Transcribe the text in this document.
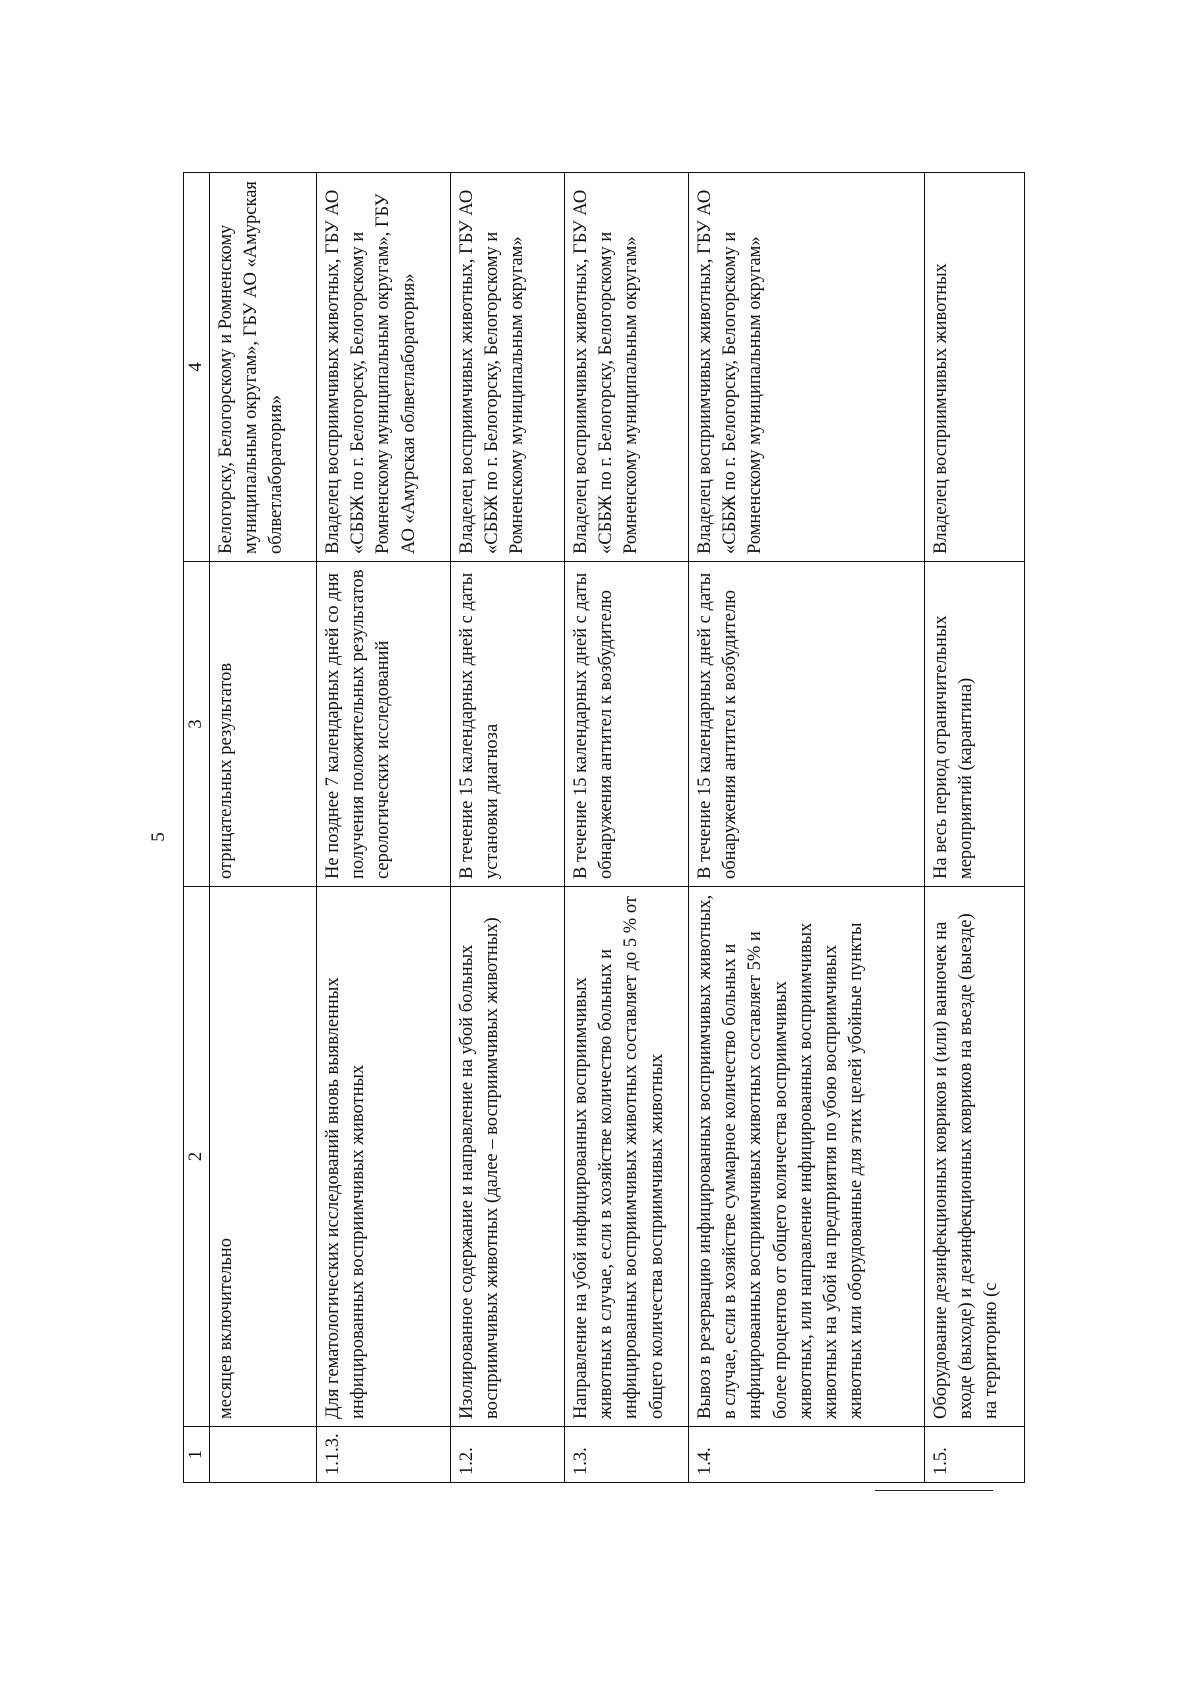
5
1	2	3	4
	месяцев включительно	отрицательных результатов	Белогорску, Белогорскому и Ромненскому муниципальным округам», ГБУ АО «Амурская облветлаборатория»
1.1.3.	Для гематологических исследований вновь выявленных инфицированных восприимчивых животных	Не позднее 7 календарных дней со дня получения положительных результатов серологических исследований	Владелец восприимчивых животных, ГБУ АО «СББЖ по г. Белогорску, Белогорскому и Ромненскому муниципальным округам», ГБУ АО «Амурская облветлаборатория»
1.2.	Изолированное содержание и направление на убой больных восприимчивых животных (далее – восприимчивых животных)	В течение 15 календарных дней с даты установки диагноза	Владелец восприимчивых животных, ГБУ АО «СББЖ по г. Белогорску, Белогорскому и Ромненскому муниципальным округам»
1.3.	Направление на убой инфицированных восприимчивых животных в случае, если в хозяйстве количество больных и инфицированных восприимчивых животных составляет до 5 % от общего количества восприимчивых животных	В течение 15 календарных дней с даты обнаружения антител к возбудителю	Владелец восприимчивых животных, ГБУ АО «СББЖ по г. Белогорску, Белогорскому и Ромненскому муниципальным округам»
1.4.	Вывоз в резервацию инфицированных восприимчивых животных, в случае, если в хозяйстве суммарное количество больных и инфицированных восприимчивых животных составляет 5% и более процентов от общего количества восприимчивых животных, или направление инфицированных восприимчивых животных на убой на предприятия по убою восприимчивых животных или оборудованные для этих целей убойные пункты	В течение 15 календарных дней с даты обнаружения антител к возбудителю	Владелец восприимчивых животных, ГБУ АО «СББЖ по г. Белогорску, Белогорскому и Ромненскому муниципальным округам»
1.5.	Оборудование дезинфекционных ковриков и (или) ванночек на входе (выходе) и дезинфекционных ковриков на въезде (выезде) на территорию (с	На весь период ограничительных мероприятий (карантина)	Владелец восприимчивых животных
